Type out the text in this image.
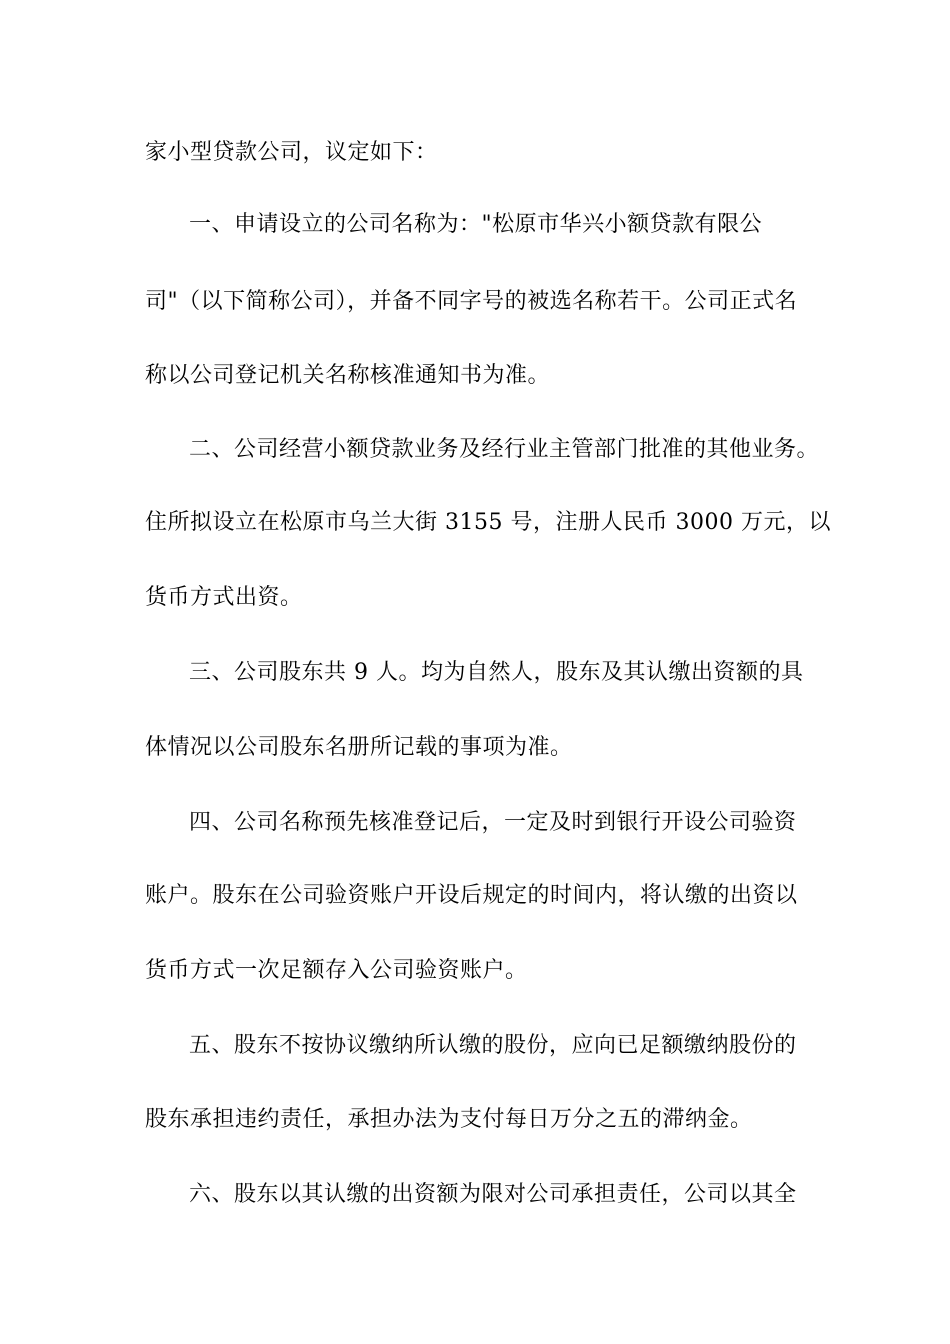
家小型贷款公司，议定如下：
一、申请设立的公司名称为："松原市华兴小额贷款有限公
司"（以下简称公司），并备不同字号的被选名称若干。公司正式名
称以公司登记机关名称核准通知书为准。
二、公司经营小额贷款业务及经行业主管部门批准的其他业务。
住所拟设立在松原市乌兰大街 3155 号，注册人民币 3000 万元，以
货币方式出资。
三、公司股东共 9 人。均为自然人，股东及其认缴出资额的具
体情况以公司股东名册所记载的事项为准。
四、公司名称预先核准登记后，一定及时到银行开设公司验资
账户。股东在公司验资账户开设后规定的时间内，将认缴的出资以
货币方式一次足额存入公司验资账户。
五、股东不按协议缴纳所认缴的股份，应向已足额缴纳股份的
股东承担违约责任，承担办法为支付每日万分之五的滞纳金。
六、股东以其认缴的出资额为限对公司承担责任，公司以其全
